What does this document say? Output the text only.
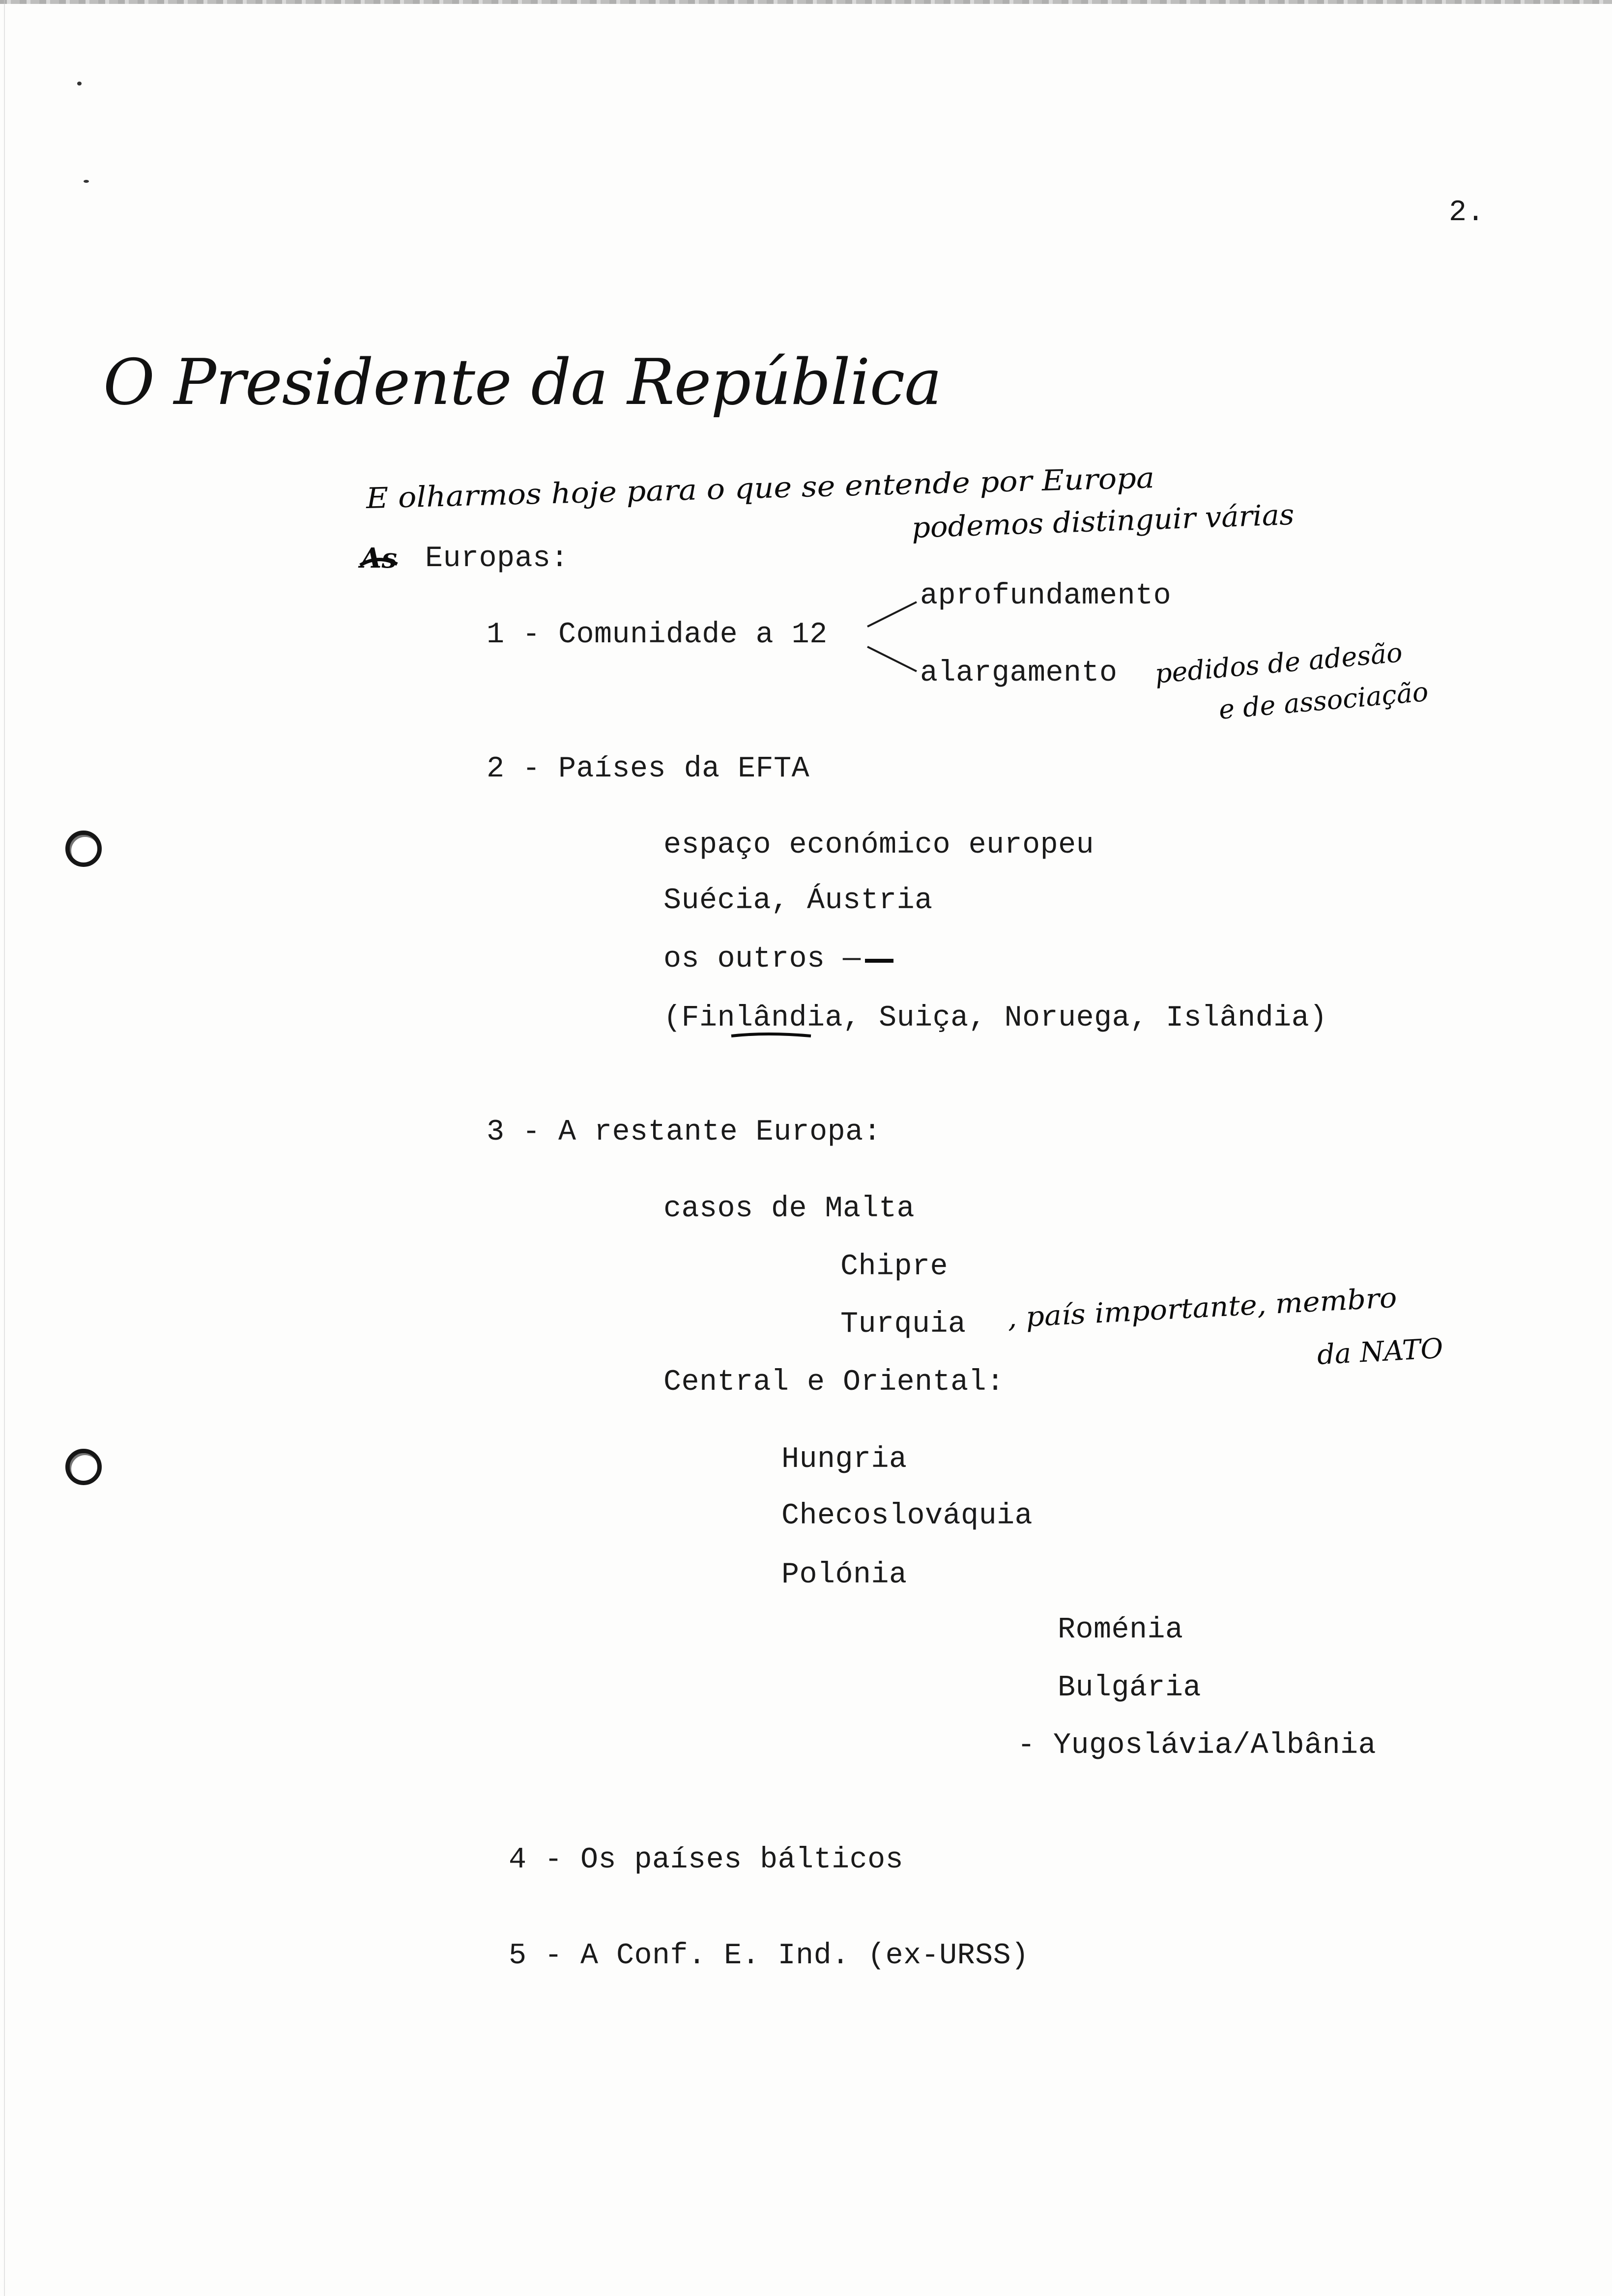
2.
O Presidente da República
E olharmos hoje para o que se entende por Europa
podemos distinguir várias
As Europas:
1 - Comunidade a 12
aprofundamento
alargamento pedidos de adesão
e de associação
2 - Países da EFTA
espaço económico europeu
Suécia, Áustria
os outros —
(Finlândia, Suiça, Noruega, Islândia)
3 - A restante Europa:
casos de Malta
Chipre
Turquia , país importante, membro
da NATO
Central e Oriental:
Hungria
Checoslováquia
Polónia
Roménia
Bulgária
- Yugoslávia/Albânia
4 - Os países bálticos
5 - A Conf. E. Ind. (ex-URSS)
